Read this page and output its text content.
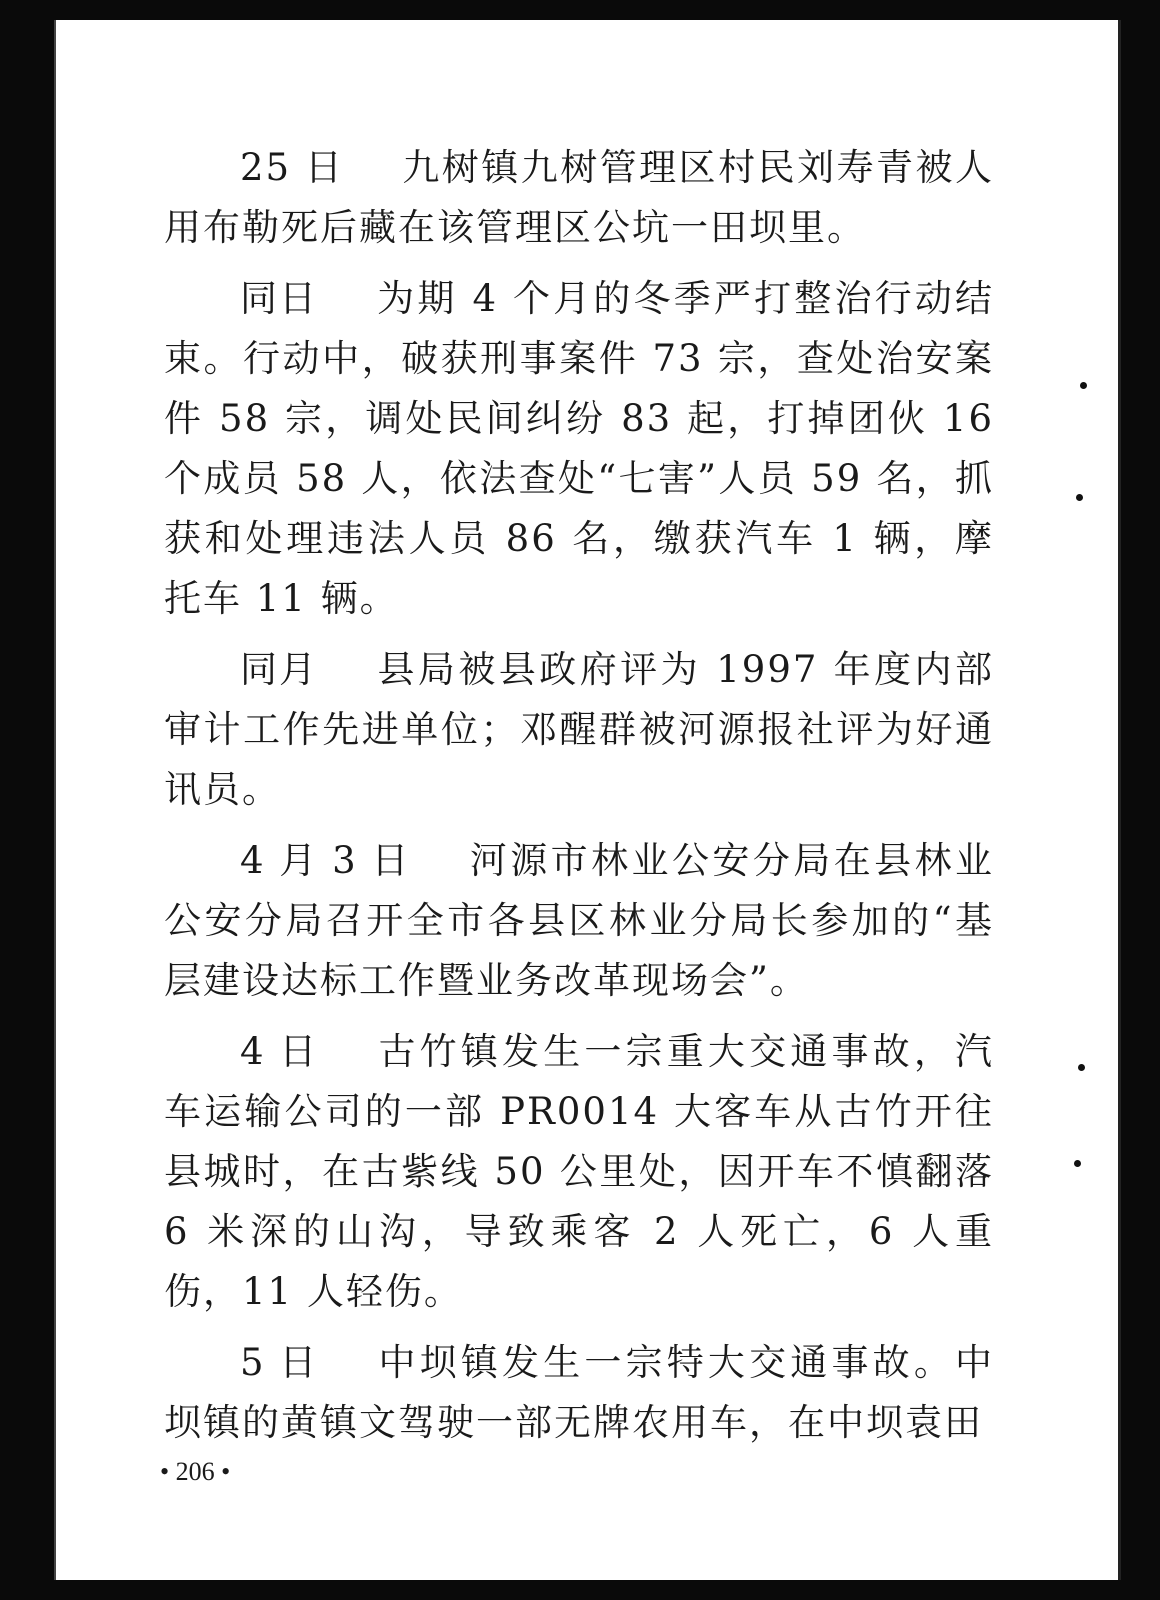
25 日 九树镇九树管理区村民刘寿青被人用布勒死后藏在该管理区公坑一田坝里。

同日 为期 4 个月的冬季严打整治行动结束。行动中，破获刑事案件 73 宗，查处治安案件 58 宗，调处民间纠纷 83 起，打掉团伙 16 个成员 58 人，依法查处“七害”人员 59 名，抓获和处理违法人员 86 名，缴获汽车 1 辆，摩托车 11 辆。

同月 县局被县政府评为 1997 年度内部审计工作先进单位；邓醒群被河源报社评为好通讯员。

4 月 3 日 河源市林业公安分局在县林业公安分局召开全市各县区林业分局长参加的“基层建设达标工作暨业务改革现场会”。

4 日 古竹镇发生一宗重大交通事故，汽车运输公司的一部 PR0014 大客车从古竹开往县城时，在古紫线 50 公里处，因开车不慎翻落 6 米深的山沟，导致乘客 2 人死亡，6 人重伤，11 人轻伤。

5 日 中坝镇发生一宗特大交通事故。中坝镇的黄镇文驾驶一部无牌农用车，在中坝袁田

• 206 •
